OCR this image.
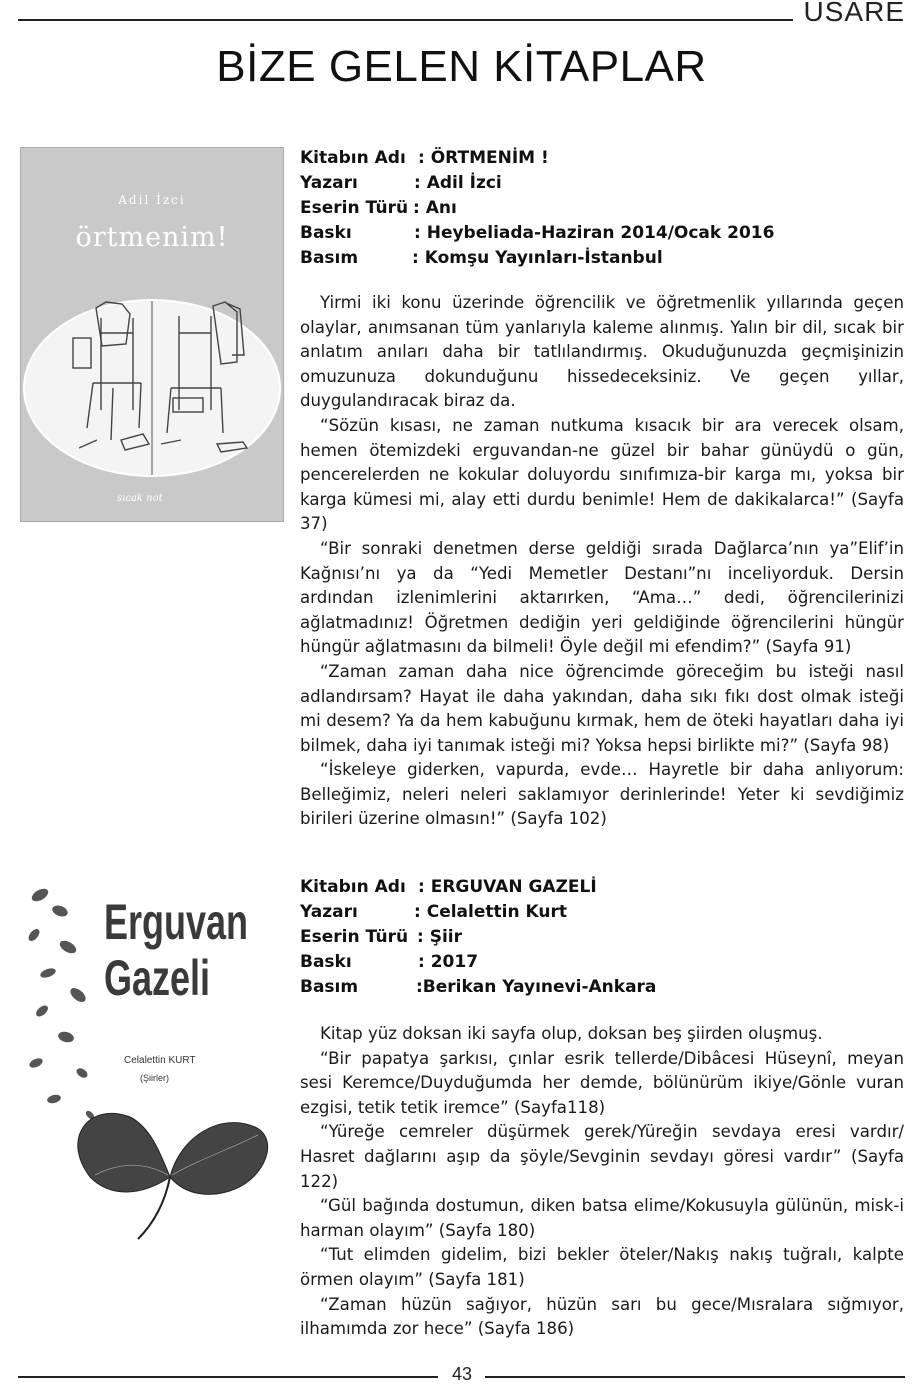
USARE
BİZE GELEN KİTAPLAR
Adil İzci
örtmenim!
sıcak not
Kitabın Adı : ÖRTMENİM !
Yazarı	: Adil İzci
Eserin Türü : Anı
Baskı	: Heybeliada-Haziran 2014/Ocak 2016
Basım	: Komşu Yayınları-İstanbul

Yirmi iki konu üzerinde öğrencilik ve öğretmenlik yıllarında geçen olaylar, anımsanan tüm yanlarıyla kaleme alınmış. Yalın bir dil, sıcak bir anlatım anıları daha bir tatlılandırmış. Okuduğunuzda geçmişinizin omuzunuza dokunduğunu hissedeceksiniz. Ve geçen yıllar, duygulandıracak biraz da.

“Sözün kısası, ne zaman nutkuma kısacık bir ara verecek olsam, hemen ötemizdeki erguvandan-ne güzel bir bahar günüydü o gün, pencerelerden ne kokular doluyordu sınıfımıza-bir karga mı, yoksa bir karga kümesi mi, alay etti durdu benimle! Hem de dakikalarca!” (Sayfa 37)

“Bir sonraki denetmen derse geldiği sırada Dağlarca’nın ya”Elif’in Kağnısı’nı ya da “Yedi Memetler Destanı”nı inceliyorduk. Dersin ardından izlenimlerini aktarırken, “Ama…” dedi, öğrencilerinizi ağlatmadınız! Öğretmen dediğin yeri geldiğinde öğrencilerini hüngür hüngür ağlatmasını da bilmeli! Öyle değil mi efendim?” (Sayfa 91)

“Zaman zaman daha nice öğrencimde göreceğim bu isteği nasıl adlandırsam? Hayat ile daha yakından, daha sıkı fıkı dost olmak isteği mi desem? Ya da hem kabuğunu kırmak, hem de öteki hayatları daha iyi bilmek, daha iyi tanımak isteği mi? Yoksa hepsi birlikte mi?” (Sayfa 98)

“İskeleye giderken, vapurda, evde… Hayretle bir daha anlıyorum: Belleğimiz, neleri neleri saklamıyor derinlerinde! Yeter ki sevdiğimiz birileri üzerine olmasın!” (Sayfa 102)

Erguvan
Gazeli
Celalettin KURT
(Şiirler)
Kitabın Adı : ERGUVAN GAZELİ
Yazarı	: Celalettin Kurt
Eserin Türü : Şiir
Baskı	: 2017
Basım	:Berikan Yayınevi-Ankara

Kitap yüz doksan iki sayfa olup, doksan beş şiirden oluşmuş.

“Bir papatya şarkısı, çınlar esrik tellerde/Dibâcesi Hüseynî, meyan sesi Keremce/Duyduğumda her demde, bölünürüm ikiye/Gönle vuran ezgisi, tetik tetik iremce” (Sayfa118)

“Yüreğe cemreler düşürmek gerek/Yüreğin sevdaya eresi vardır/ Hasret dağlarını aşıp da şöyle/Sevginin sevdayı göresi vardır” (Sayfa 122)

“Gül bağında dostumun, diken batsa elime/Kokusuyla gülünün, misk-i harman olayım” (Sayfa 180)

“Tut elimden gidelim, bizi bekler öteler/Nakış nakış tuğralı, kalpte örmen olayım” (Sayfa 181)

“Zaman hüzün sağıyor, hüzün sarı bu gece/Mısralara sığmıyor, ilhamımda zor hece” (Sayfa 186)

43
